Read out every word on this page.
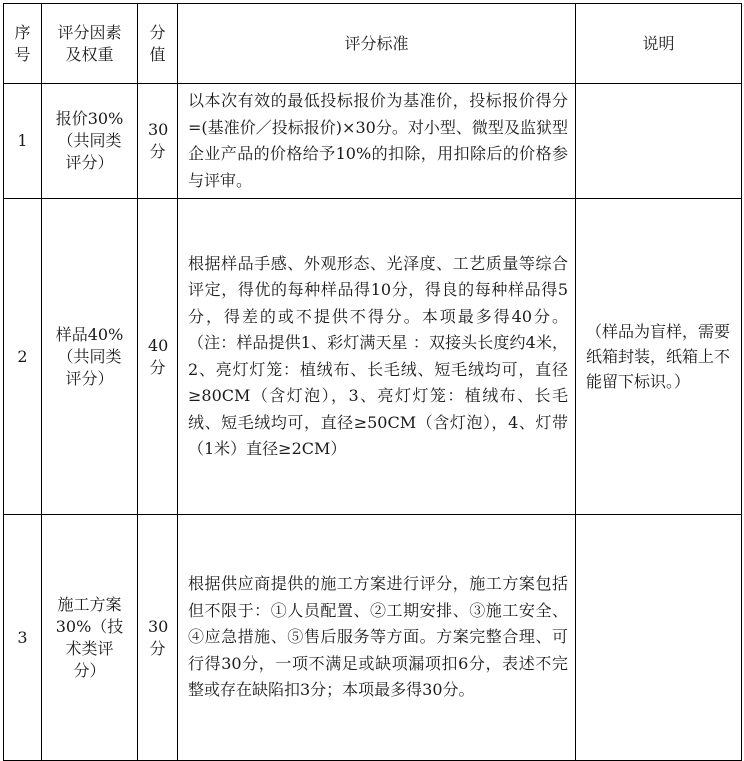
序号	评分因素及权重	分值	评分标准	说明
1	报价30%（共同类评分）	30分	以本次有效的最低投标报价为基准价，投标报价得分=(基准价／投标报价)×30分。对小型、微型及监狱型企业产品的价格给予10%的扣除，用扣除后的价格参与评审。	
2	样品40%（共同类评分）	40分	根据样品手感、外观形态、光泽度、工艺质量等综合评定，得优的每种样品得10分，得良的每种样品得5分，得差的或不提供不得分。本项最多得40分。（注：样品提供1、彩灯满天星 ：双接头长度约4米，2、亮灯灯笼：植绒布、长毛绒、短毛绒均可，直径≥80CM（含灯泡），3、亮灯灯笼：植绒布、长毛绒、短毛绒均可，直径≥50CM（含灯泡），4、灯带（1米）直径≥2CM）	（样品为盲样，需要纸箱封装，纸箱上不能留下标识。）
3	施工方案30%（技术类评分）	30分	根据供应商提供的施工方案进行评分，施工方案包括但不限于：①人员配置、②工期安排、③施工安全、④应急措施、⑤售后服务等方面。方案完整合理、可行得30分，一项不满足或缺项漏项扣6分，表述不完整或存在缺陷扣3分；本项最多得30分。	
